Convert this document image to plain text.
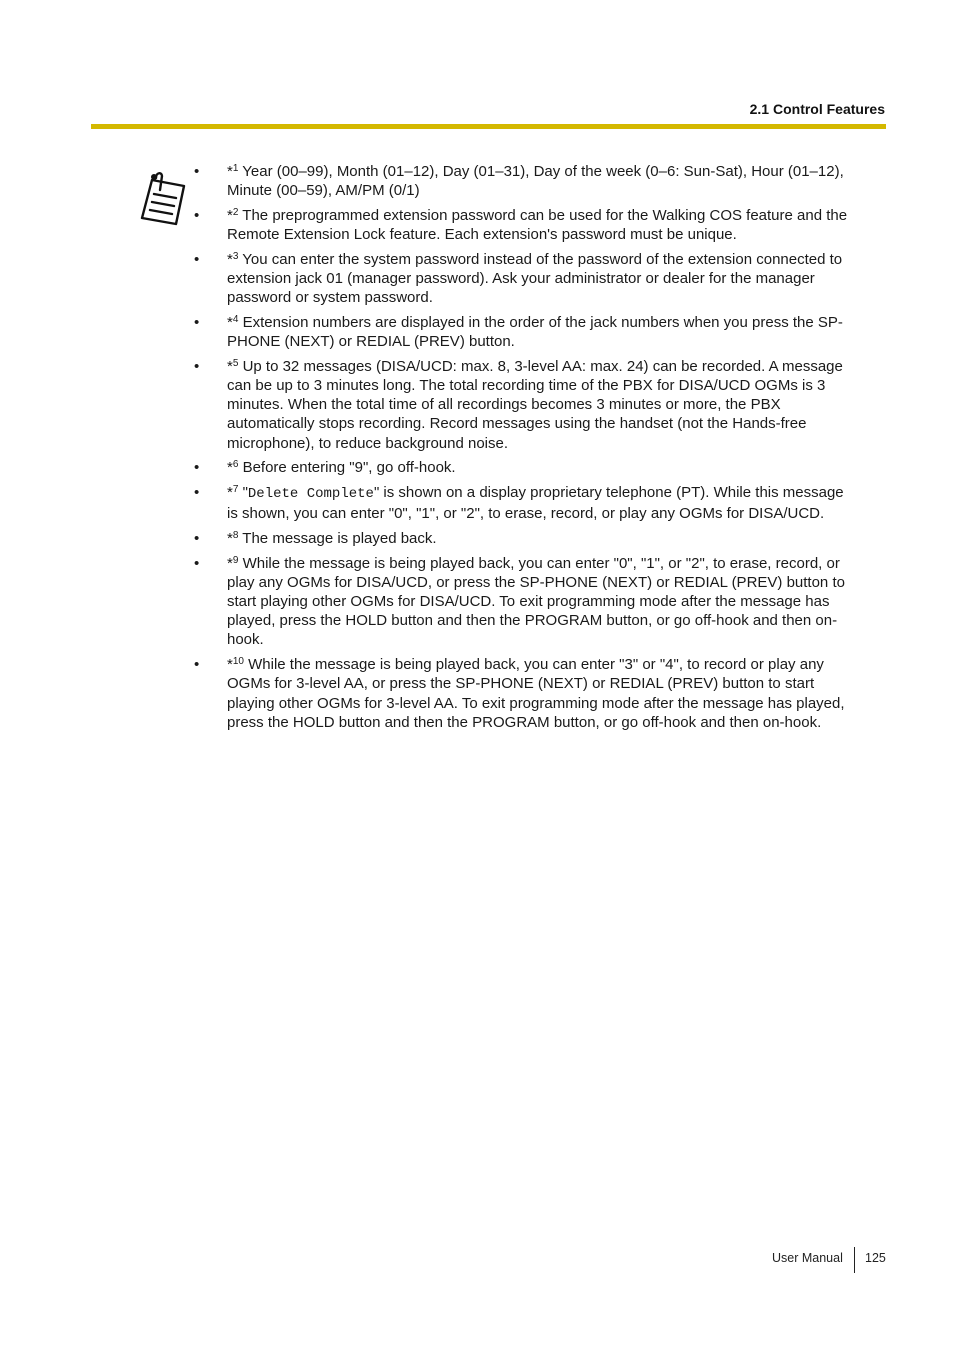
2.1 Control Features
• *$^1$ Year (00–99), Month (01–12), Day (01–31), Day of the week (0–6: Sun-Sat), Hour (01–12), Minute (00–59), AM/PM (0/1)
• *$^2$ The preprogrammed extension password can be used for the Walking COS feature and the Remote Extension Lock feature. Each extension's password must be unique.
• *$^3$ You can enter the system password instead of the password of the extension connected to extension jack 01 (manager password). Ask your administrator or dealer for the manager password or system password.
• *$^4$ Extension numbers are displayed in the order of the jack numbers when you press the SP-PHONE (NEXT) or REDIAL (PREV) button.
• *$^5$ Up to 32 messages (DISA/UCD: max. 8, 3-level AA: max. 24) can be recorded. A message can be up to 3 minutes long. The total recording time of the PBX for DISA/UCD OGMs is 3 minutes. When the total time of all recordings becomes 3 minutes or more, the PBX automatically stops recording. Record messages using the handset (not the Hands-free microphone), to reduce background noise.
• *$^6$ Before entering "9", go off-hook.
• *$^7$ "Delete Complete" is shown on a display proprietary telephone (PT). While this message is shown, you can enter "0", "1", or "2", to erase, record, or play any OGMs for DISA/UCD.
• *$^8$ The message is played back.
• *$^9$ While the message is being played back, you can enter "0", "1", or "2", to erase, record, or play any OGMs for DISA/UCD, or press the SP-PHONE (NEXT) or REDIAL (PREV) button to start playing other OGMs for DISA/UCD. To exit programming mode after the message has played, press the HOLD button and then the PROGRAM button, or go off-hook and then on-hook.
• *$^{10}$ While the message is being played back, you can enter "3" or "4", to record or play any OGMs for 3-level AA, or press the SP-PHONE (NEXT) or REDIAL (PREV) button to start playing other OGMs for 3-level AA. To exit programming mode after the message has played, press the HOLD button and then the PROGRAM button, or go off-hook and then on-hook.
User Manual 125
